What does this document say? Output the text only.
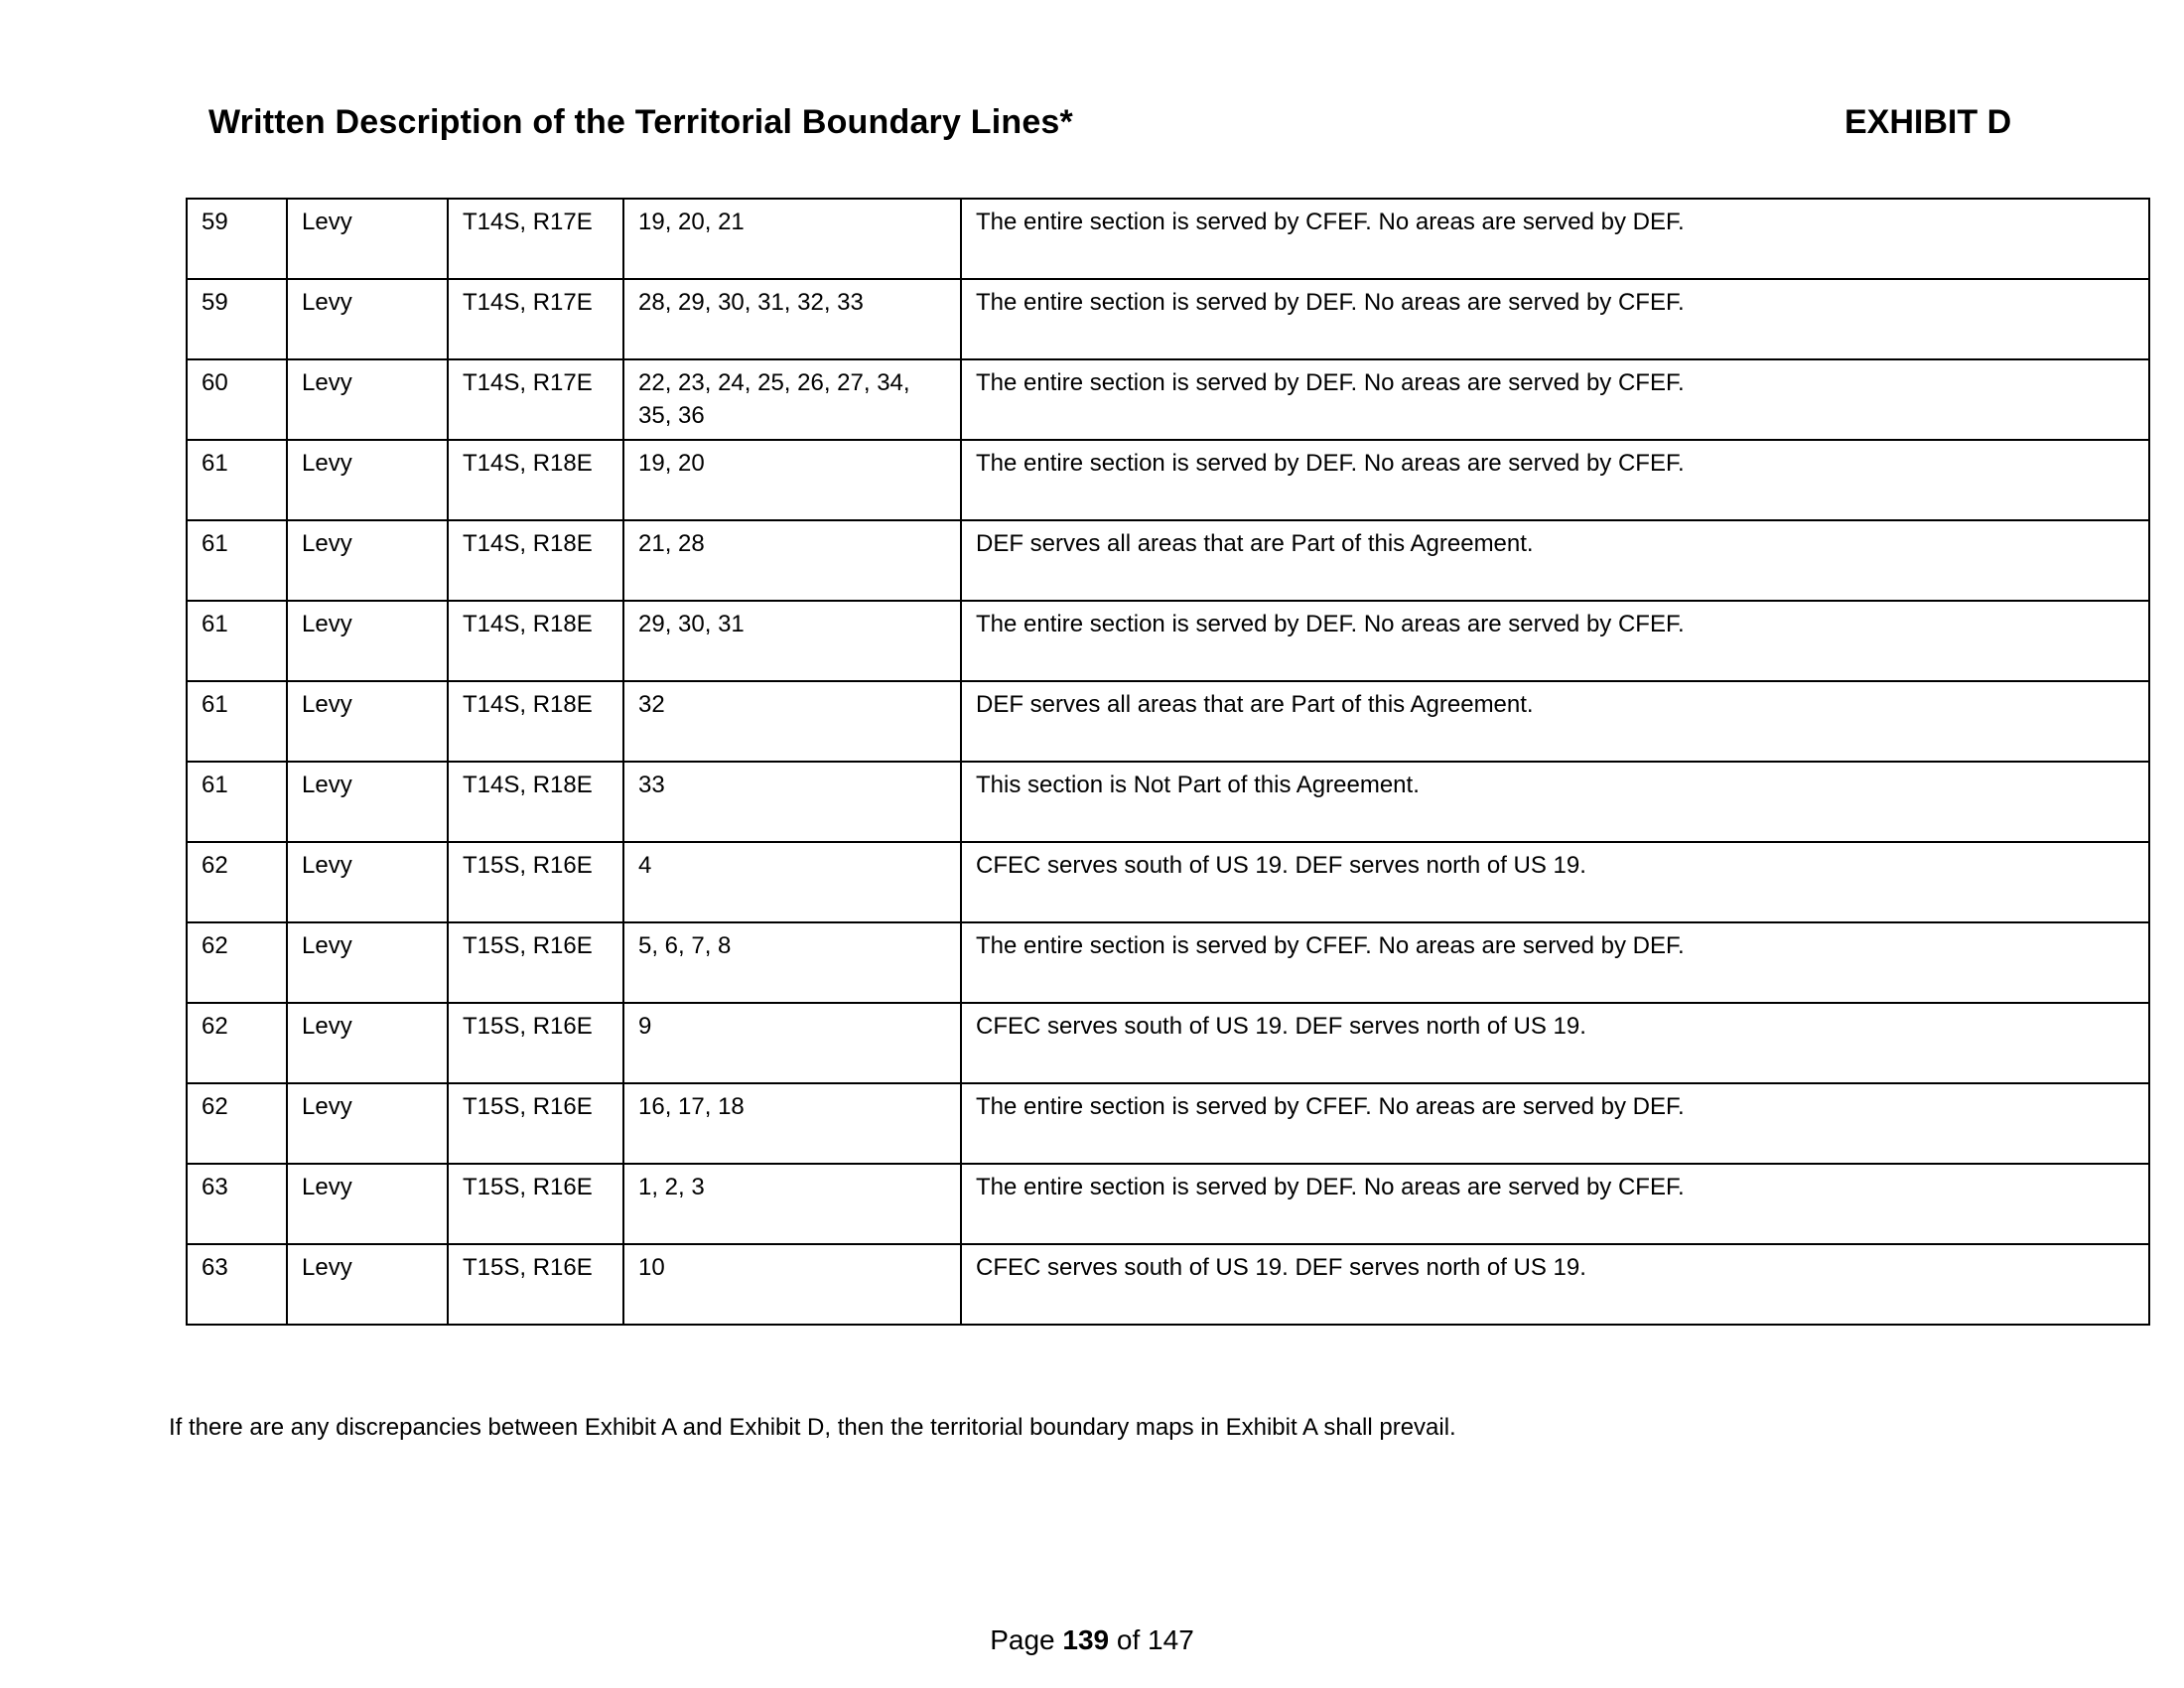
Written Description of the Territorial Boundary Lines*	EXHIBIT D
59	Levy	T14S, R17E	19, 20, 21	The entire section is served by CFEF. No areas are served by DEF.
59	Levy	T14S, R17E	28, 29, 30, 31, 32, 33	The entire section is served by DEF. No areas are served by CFEF.
60	Levy	T14S, R17E	22, 23, 24, 25, 26, 27, 34, 35, 36	The entire section is served by DEF. No areas are served by CFEF.
61	Levy	T14S, R18E	19, 20	The entire section is served by DEF. No areas are served by CFEF.
61	Levy	T14S, R18E	21, 28	DEF serves all areas that are Part of this Agreement.
61	Levy	T14S, R18E	29, 30, 31	The entire section is served by DEF. No areas are served by CFEF.
61	Levy	T14S, R18E	32	DEF serves all areas that are Part of this Agreement.
61	Levy	T14S, R18E	33	This section is Not Part of this Agreement.
62	Levy	T15S, R16E	4	CFEC serves south of US 19. DEF serves north of US 19.
62	Levy	T15S, R16E	5, 6, 7, 8	The entire section is served by CFEF. No areas are served by DEF.
62	Levy	T15S, R16E	9	CFEC serves south of US 19. DEF serves north of US 19.
62	Levy	T15S, R16E	16, 17, 18	The entire section is served by CFEF. No areas are served by DEF.
63	Levy	T15S, R16E	1, 2, 3	The entire section is served by DEF. No areas are served by CFEF.
63	Levy	T15S, R16E	10	CFEC serves south of US 19. DEF serves north of US 19.
If there are any discrepancies between Exhibit A and Exhibit D, then the territorial boundary maps in Exhibit A shall prevail.
Page 139 of 147
